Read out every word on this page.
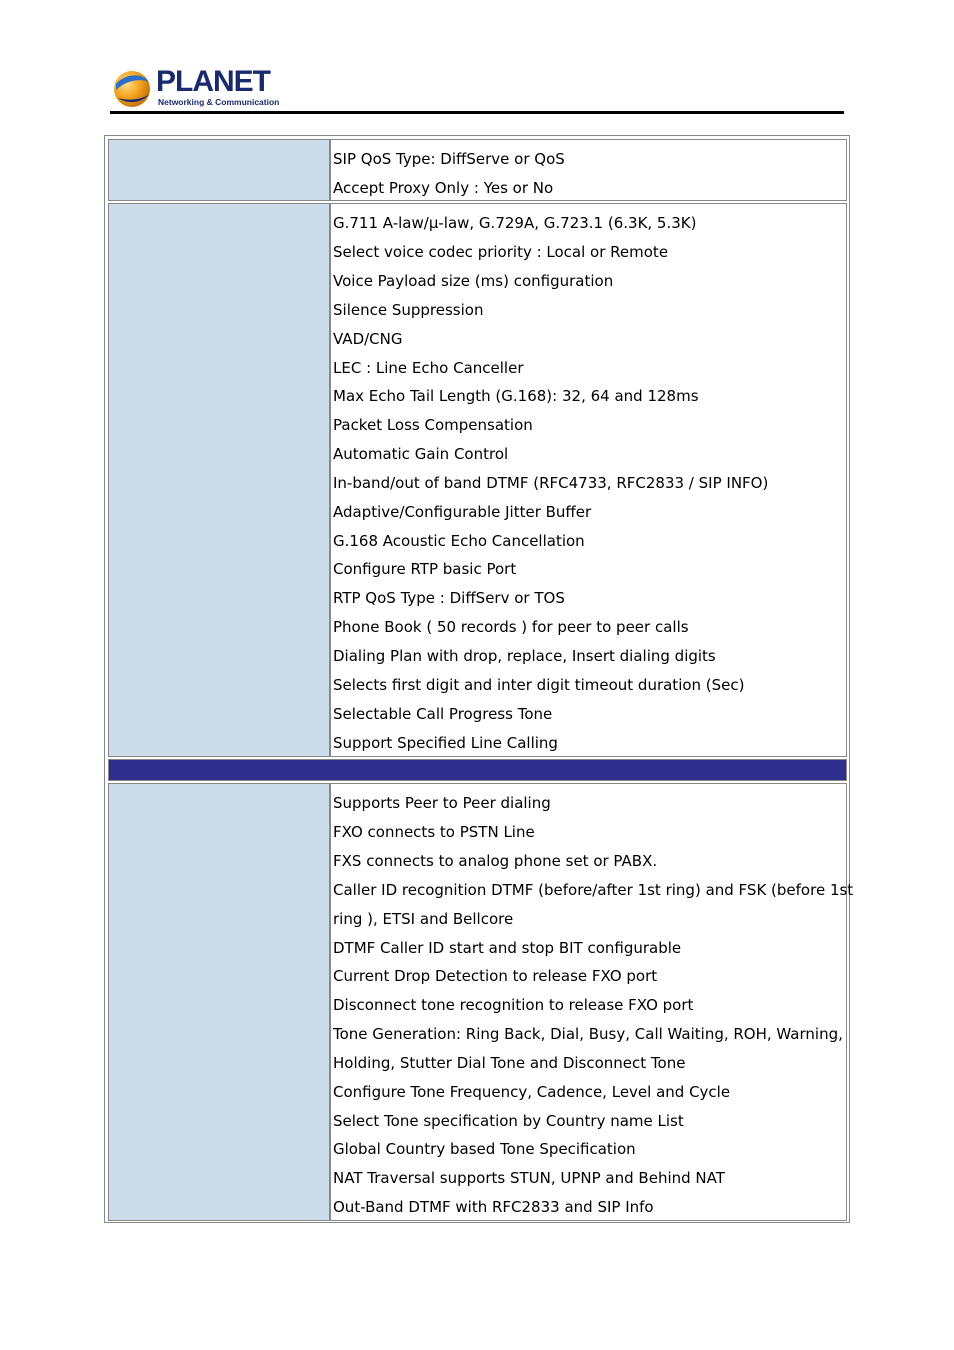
PLANET
Networking & Communication
SIP QoS Type: DiffServe or QoS
Accept Proxy Only : Yes or No
G.711 A-law/μ-law, G.729A, G.723.1 (6.3K, 5.3K)
Select voice codec priority : Local or Remote
Voice Payload size (ms) configuration
Silence Suppression
VAD/CNG
LEC : Line Echo Canceller
Max Echo Tail Length (G.168): 32, 64 and 128ms
Packet Loss Compensation
Automatic Gain Control
In-band/out of band DTMF (RFC4733, RFC2833 / SIP INFO)
Adaptive/Configurable Jitter Buffer
G.168 Acoustic Echo Cancellation
Configure RTP basic Port
RTP QoS Type : DiffServ or TOS
Phone Book ( 50 records ) for peer to peer calls
Dialing Plan with drop, replace, Insert dialing digits
Selects first digit and inter digit timeout duration (Sec)
Selectable Call Progress Tone
Support Specified Line Calling
Supports Peer to Peer dialing
FXO connects to PSTN Line
FXS connects to analog phone set or PABX.
Caller ID recognition DTMF (before/after 1st ring) and FSK (before 1st
ring ), ETSI and Bellcore
DTMF Caller ID start and stop BIT configurable
Current Drop Detection to release FXO port
Disconnect tone recognition to release FXO port
Tone Generation: Ring Back, Dial, Busy, Call Waiting, ROH, Warning,
Holding, Stutter Dial Tone and Disconnect Tone
Configure Tone Frequency, Cadence, Level and Cycle
Select Tone specification by Country name List
Global Country based Tone Specification
NAT Traversal supports STUN, UPNP and Behind NAT
Out-Band DTMF with RFC2833 and SIP Info
